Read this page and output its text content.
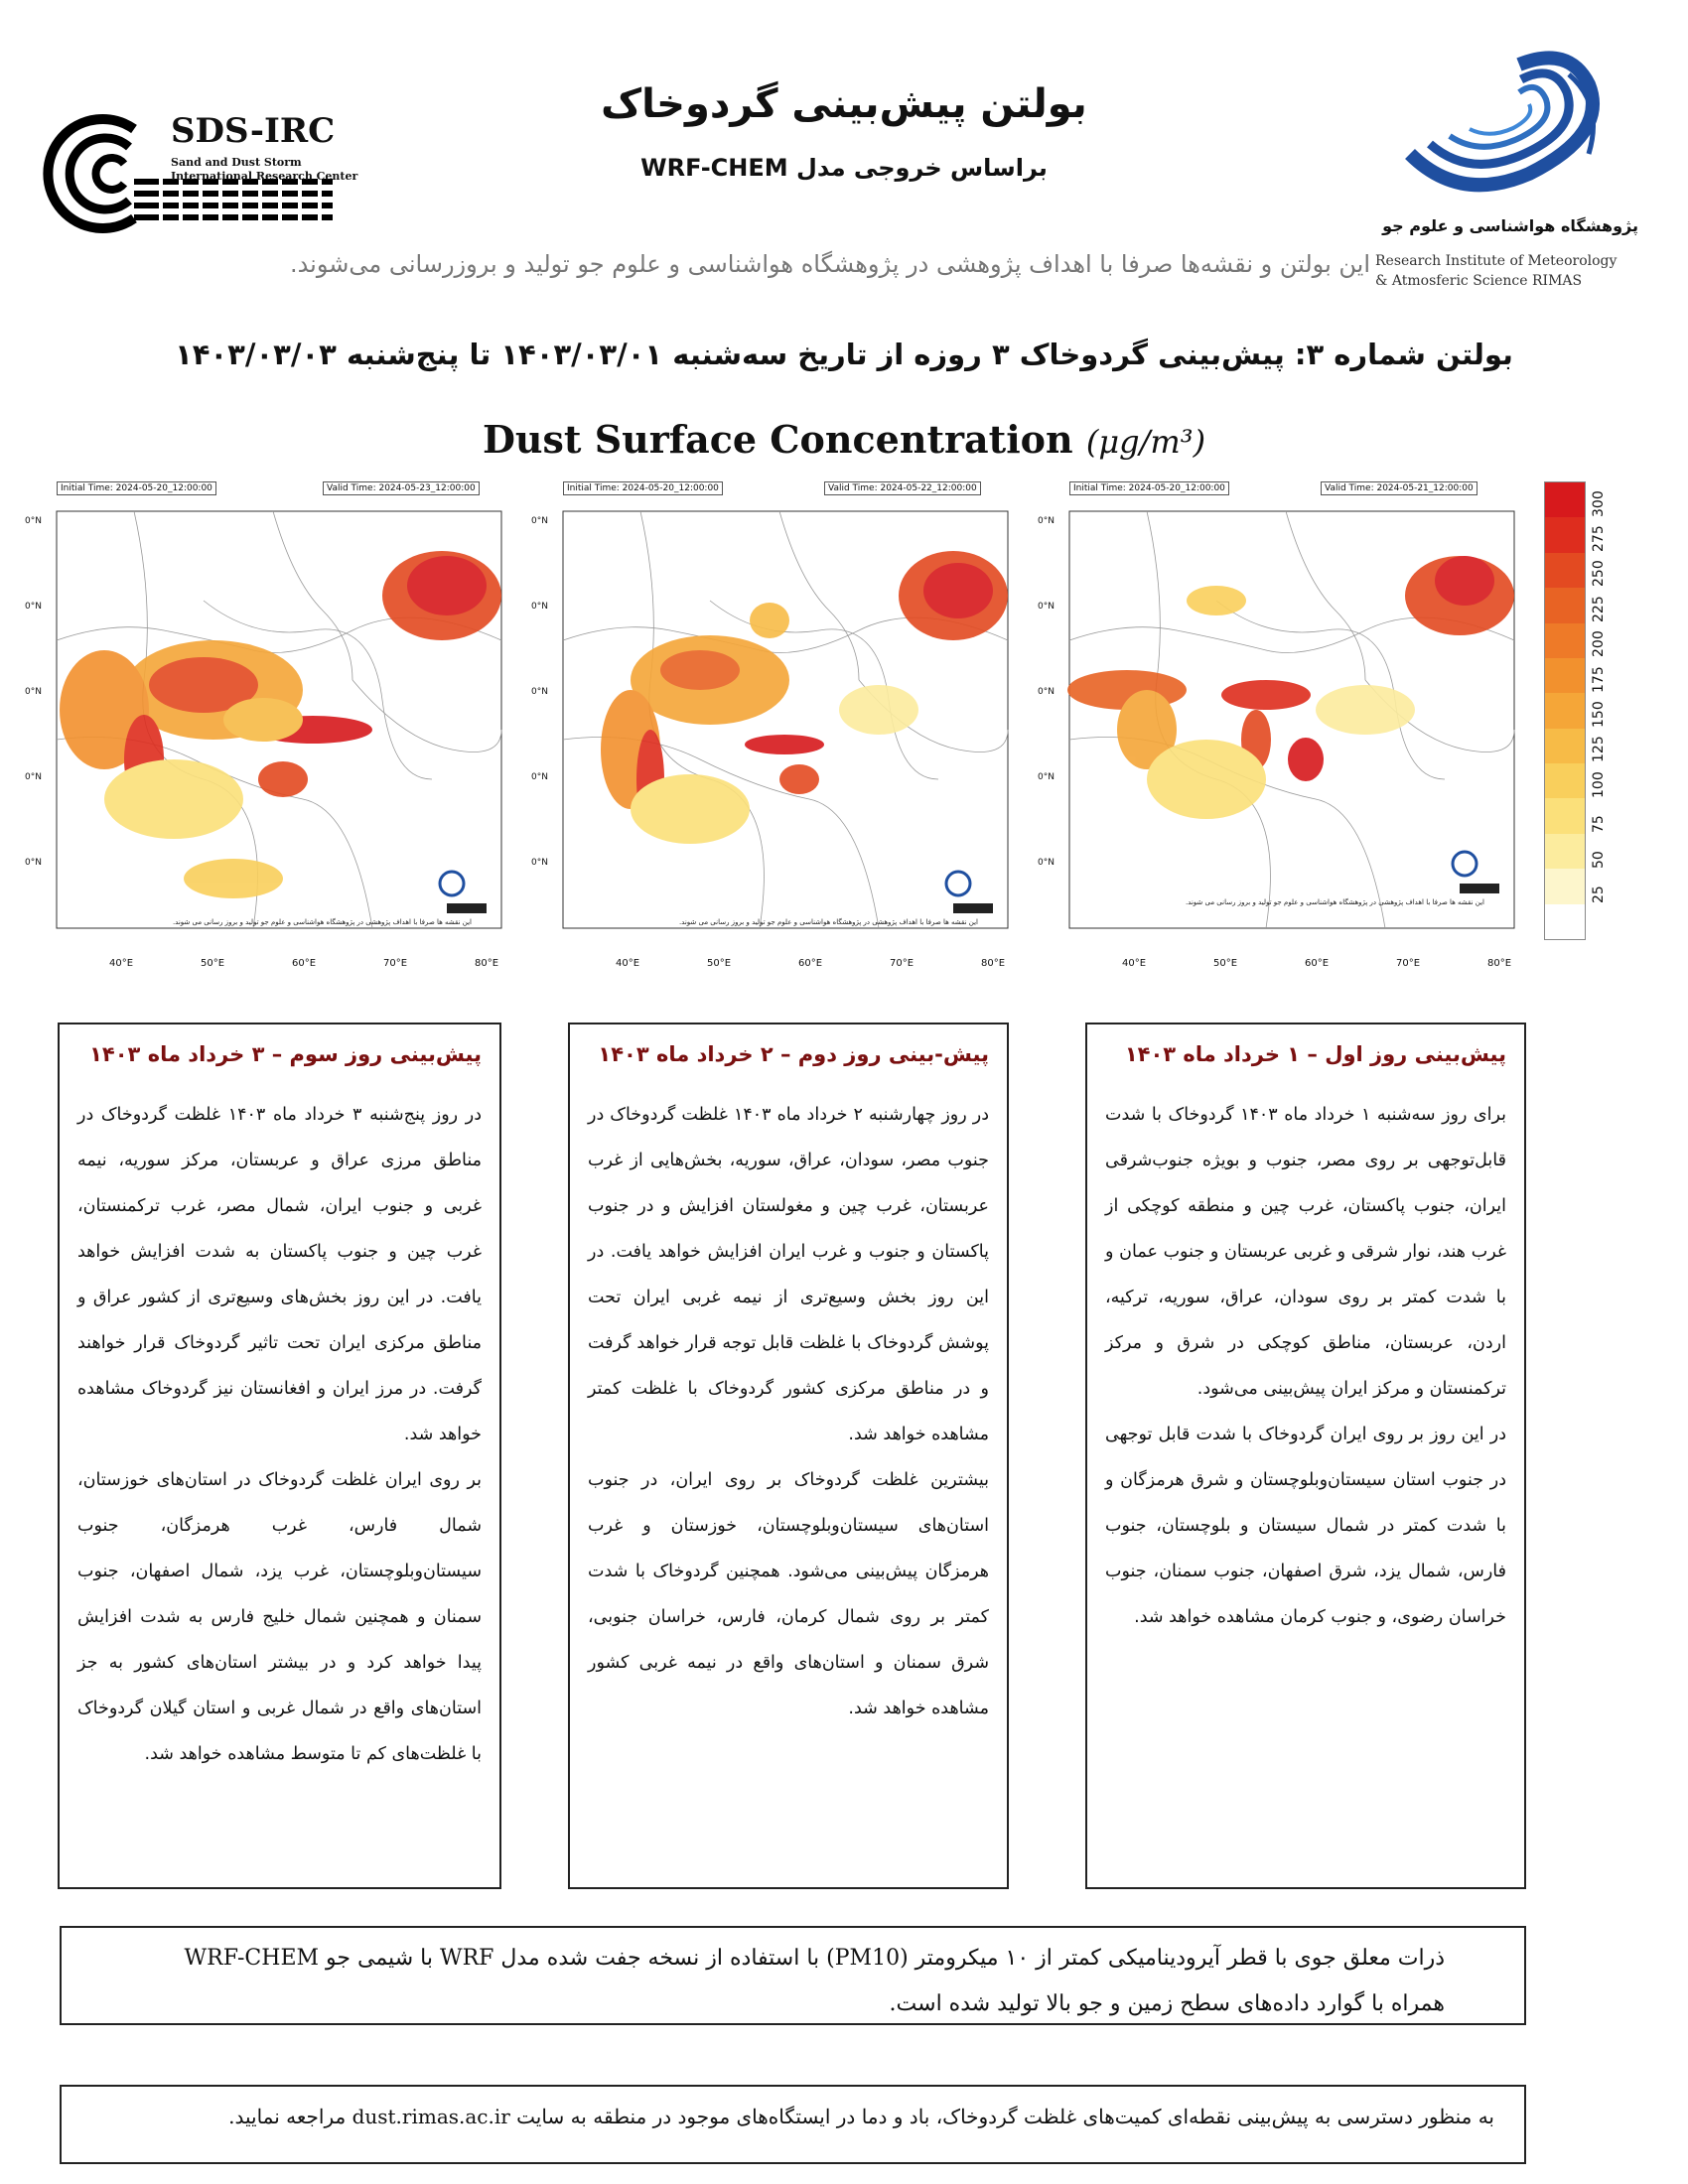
بولتن پیش‌بینی گردوخاک
براساس خروجی مدل WRF-CHEM
این بولتن و نقشه‌ها صرفا با اهداف پژوهشی در پژوهشگاه هواشناسی و علوم جو تولید و بروزرسانی می‌شوند.
بولتن شماره ۳: پیش‌بینی گردوخاک ۳ روزه از تاریخ سه‌شنبه ۱۴۰۳/۰۳/۰۱ تا پنج‌شنبه ۱۴۰۳/۰۳/۰۳
Dust Surface Concentration (μg/m³)
SDS-IRC
Sand and Dust Storm
International Research Center
پژوهشگاه هواشناسی و علوم جو
Research Institute of Meteorology
& Atmosferic Science RIMAS
Initial Time: 2024-05-20_12:00:00	Valid Time: 2024-05-23_12:00:00
این نقشه ها صرفا با اهداف پژوهشی در پژوهشگاه هواشناسی و علوم جو تولید و بروز رسانی می شوند.
Initial Time: 2024-05-20_12:00:00	Valid Time: 2024-05-22_12:00:00
این نقشه ها صرفا با اهداف پژوهشی در پژوهشگاه هواشناسی و علوم جو تولید و بروز رسانی می شوند.
Initial Time: 2024-05-20_12:00:00	Valid Time: 2024-05-21_12:00:00
این نقشه ها صرفا با اهداف پژوهشی در پژوهشگاه هواشناسی و علوم جو تولید و بروز رسانی می شوند.
40°E	50°E	60°E	70°E	80°E
0°N
0°N
0°N
0°N
0°N
40°E	50°E	60°E	70°E	80°E
0°N
0°N
0°N
0°N
0°N
40°E	50°E	60°E	70°E	80°E
0°N
0°N
0°N
0°N
0°N
300
275
250
225
200
175
150
125
100
75
50
25
پیش‌بینی روز اول – ۱ خرداد ماه ۱۴۰۳

برای روز سه‌شنبه ۱ خرداد ماه ۱۴۰۳ گردوخاک با شدت قابل‌توجهی بر روی مصر، جنوب و بویژه جنوب‌شرقی ایران، جنوب پاکستان، غرب چین و منطقه کوچکی از غرب هند، نوار شرقی و غربی عربستان و جنوب عمان و با شدت کمتر بر روی سودان، عراق، سوریه، ترکیه، اردن، عربستان، مناطق کوچکی در شرق و مرکز ترکمنستان و مرکز ایران پیش‌بینی می‌شود.

در این روز بر روی ایران گردوخاک با شدت قابل توجهی در جنوب استان سیستان‌وبلوچستان و شرق هرمزگان و با شدت کمتر در شمال سیستان و بلوچستان، جنوب فارس، شمال یزد، شرق اصفهان، جنوب سمنان، جنوب خراسان رضوی، و جنوب کرمان مشاهده خواهد شد.

پیش-بینی روز دوم – ۲ خرداد ماه ۱۴۰۳

در روز چهارشنبه ۲ خرداد ماه ۱۴۰۳ غلظت گردوخاک در جنوب مصر، سودان، عراق، سوریه، بخش‌هایی از غرب عربستان، غرب چین و مغولستان افزایش و در جنوب پاکستان و جنوب و غرب ایران افزایش خواهد یافت. در این روز بخش وسیع‌تری از نیمه غربی ایران تحت پوشش گردوخاک با غلظت قابل توجه قرار خواهد گرفت و در مناطق مرکزی کشور گردوخاک با غلظت کمتر مشاهده خواهد شد.

بیشترین غلظت گردوخاک بر روی ایران، در جنوب استان‌های سیستان‌وبلوچستان، خوزستان و غرب هرمزگان پیش‌بینی می‌شود. همچنین گردوخاک با شدت کمتر بر روی شمال کرمان، فارس، خراسان جنوبی، شرق سمنان و استان‌های واقع در نیمه غربی کشور مشاهده خواهد شد.

پیش‌بینی روز سوم – ۳ خرداد ماه ۱۴۰۳

در روز پنج‌شنبه ۳ خرداد ماه ۱۴۰۳ غلظت گردوخاک در مناطق مرزی عراق و عربستان، مرکز سوریه، نیمه غربی و جنوب ایران، شمال مصر، غرب ترکمنستان، غرب چین و جنوب پاکستان به شدت افزایش خواهد یافت. در این روز بخش‌های وسیع‌تری از کشور عراق و مناطق مرکزی ایران تحت تاثیر گردوخاک قرار خواهند گرفت. در مرز ایران و افغانستان نیز گردوخاک مشاهده خواهد شد.

بر روی ایران غلظت گردوخاک در استان‌های خوزستان، شمال فارس، غرب هرمزگان، جنوب سیستان‌وبلوچستان، غرب یزد، شمال اصفهان، جنوب سمنان و همچنین شمال خلیج فارس به شدت افزایش پیدا خواهد کرد و در بیشتر استان‌های کشور به جز استان‌های واقع در شمال غربی و استان گیلان گردوخاک با غلظت‌های کم تا متوسط مشاهده خواهد شد.

ذرات معلق جوی با قطر آیرودینامیکی کمتر از ۱۰ میکرومتر (PM10) با استفاده از نسخه جفت شده مدل WRF با شیمی جو WRF-CHEM همراه با گوارد داده‌های سطح زمین و جو بالا تولید شده است.
به منظور دسترسی به پیش‌بینی نقطه‌ای کمیت‌های غلظت گردوخاک، باد و دما در ایستگاه‌های موجود در منطقه به سایت dust.rimas.ac.ir مراجعه نمایید.
